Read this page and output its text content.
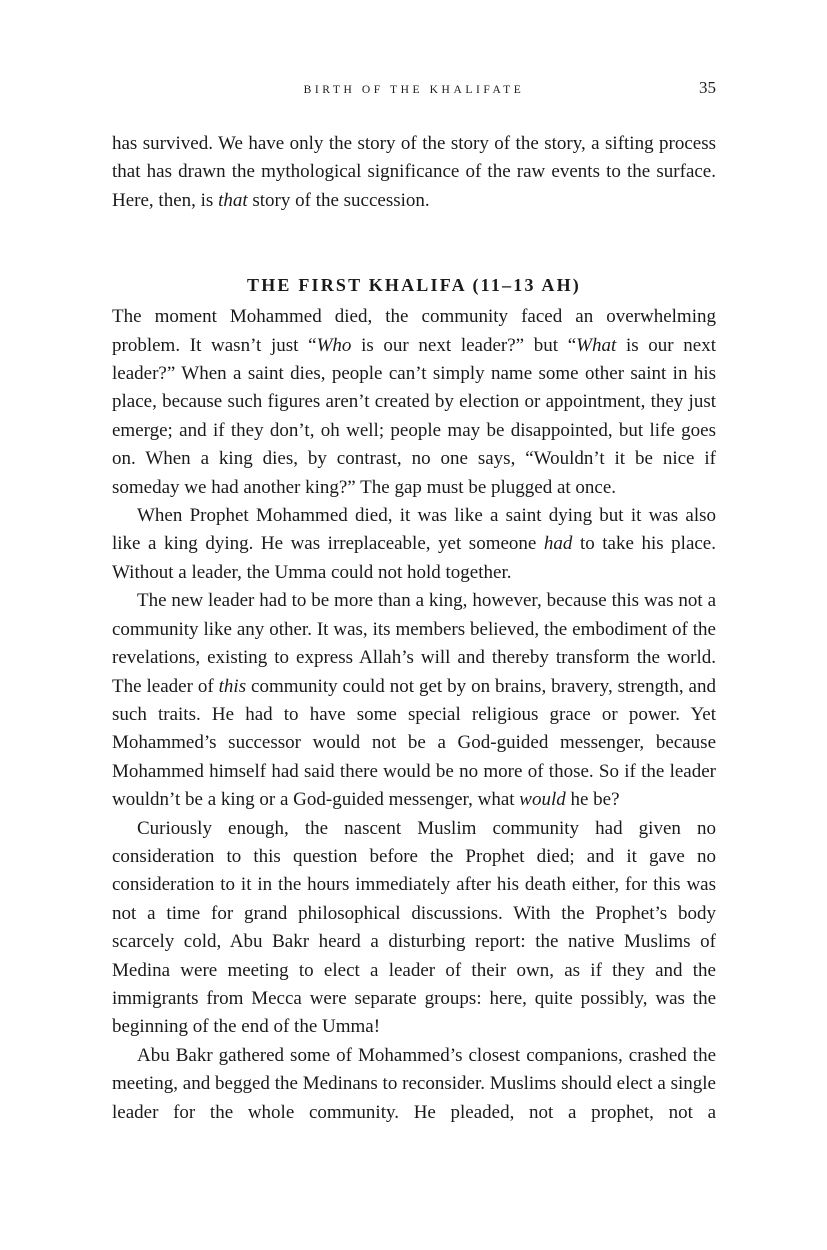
BIRTH OF THE KHALIFATE	35

has survived. We have only the story of the story of the story, a sifting process that has drawn the mythological significance of the raw events to the surface. Here, then, is that story of the succession.

THE FIRST KHALIFA (11–13 AH)

The moment Mohammed died, the community faced an overwhelming problem. It wasn’t just “Who is our next leader?” but “What is our next leader?” When a saint dies, people can’t simply name some other saint in his place, because such figures aren’t created by election or appointment, they just emerge; and if they don’t, oh well; people may be disappointed, but life goes on. When a king dies, by contrast, no one says, “Wouldn’t it be nice if someday we had another king?” The gap must be plugged at once.

When Prophet Mohammed died, it was like a saint dying but it was also like a king dying. He was irreplaceable, yet someone had to take his place. Without a leader, the Umma could not hold together.

The new leader had to be more than a king, however, because this was not a community like any other. It was, its members believed, the embodiment of the revelations, existing to express Allah’s will and thereby transform the world. The leader of this community could not get by on brains, bravery, strength, and such traits. He had to have some special religious grace or power. Yet Mohammed’s successor would not be a God-guided messenger, because Mohammed himself had said there would be no more of those. So if the leader wouldn’t be a king or a God-guided messenger, what would he be?

Curiously enough, the nascent Muslim community had given no consideration to this question before the Prophet died; and it gave no consideration to it in the hours immediately after his death either, for this was not a time for grand philosophical discussions. With the Prophet’s body scarcely cold, Abu Bakr heard a disturbing report: the native Muslims of Medina were meeting to elect a leader of their own, as if they and the immigrants from Mecca were separate groups: here, quite possibly, was the beginning of the end of the Umma!

Abu Bakr gathered some of Mohammed’s closest companions, crashed the meeting, and begged the Medinans to reconsider. Muslims should elect a single leader for the whole community. He pleaded, not a prophet, not a
